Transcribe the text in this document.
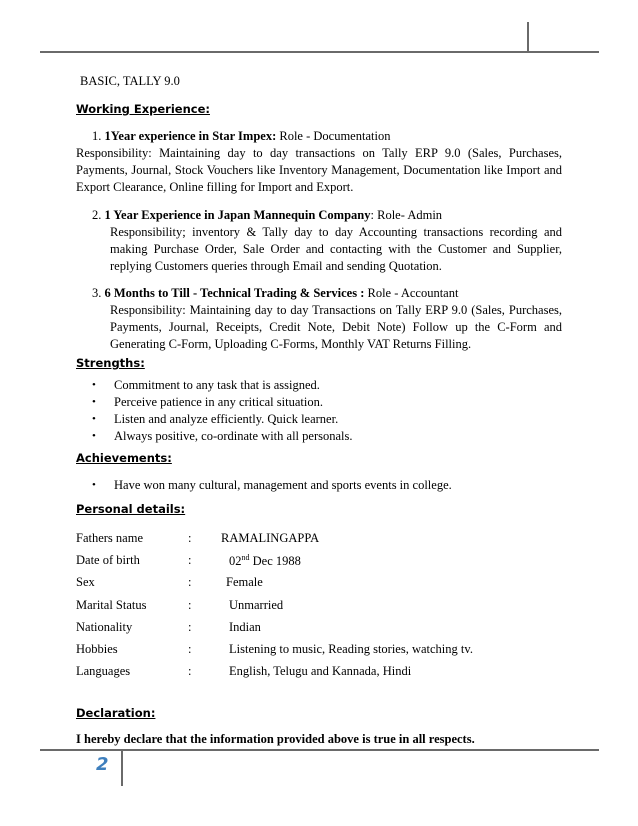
BASIC, TALLY 9.0
Working Experience:
1. 1Year experience in Star Impex: Role - Documentation
Responsibility: Maintaining day to day transactions on Tally ERP 9.0 (Sales, Purchases,
Payments, Journal, Stock Vouchers like Inventory Management, Documentation like Import and
Export Clearance, Online filling for Import and Export.
2. 1 Year Experience in Japan Mannequin Company: Role- Admin
Responsibility; inventory & Tally day to day Accounting transactions recording and
making Purchase Order, Sale Order and contacting with the Customer and Supplier,
replying Customers queries through Email and sending Quotation.
3. 6 Months to Till - Technical Trading & Services : Role - Accountant
Responsibility: Maintaining day to day Transactions on Tally ERP 9.0 (Sales, Purchases,
Payments, Journal, Receipts, Credit Note, Debit Note) Follow up the C-Form and
Generating C-Form, Uploading C-Forms, Monthly VAT Returns Filling.
Strengths:
• Commitment to any task that is assigned.
• Perceive patience in any critical situation.
• Listen and analyze efficiently. Quick learner.
• Always positive, co-ordinate with all personals.
Achievements:
• Have won many cultural, management and sports events in college.
Personal details:
Fathers name	: RAMALINGAPPA
Date of birth	:	02nd Dec 1988
Sex	:	Female
Marital Status	:	Unmarried
Nationality	:	Indian
Hobbies	:	Listening to music, Reading stories, watching tv.
Languages	:	English, Telugu and Kannada, Hindi
Declaration:
I hereby declare that the information provided above is true in all respects.
2
